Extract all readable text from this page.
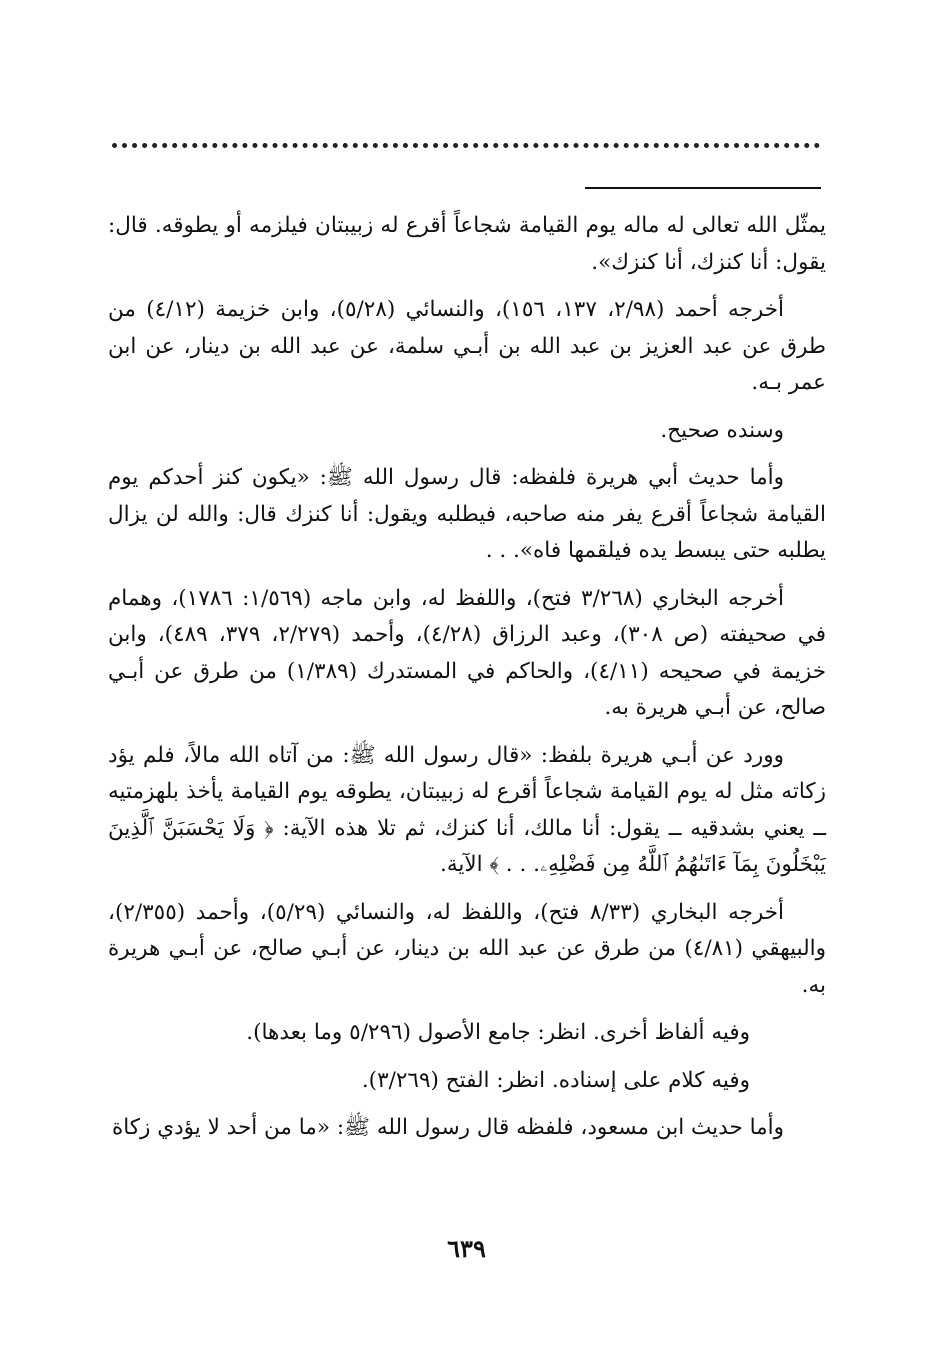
يمثّل الله تعالى له ماله يوم القيامة شجاعاً أقرع له زبيبتان فيلزمه أو يطوقه. قال: يقول: أنا كنزك، أنا كنزك».

أخرجه أحمد (٢/٩٨، ١٣٧، ١٥٦)، والنسائي (٥/٢٨)، وابن خزيمة (٤/١٢) من طرق عن عبد العزيز بن عبد الله بن أبـي سلمة، عن عبد الله بن دينار، عن ابن عمر بـه.

وسنده صحيح.

وأما حديث أبي هريرة فلفظه: قال رسول الله ﷺ: «يكون كنز أحدكم يوم القيامة شجاعاً أقرع يفر منه صاحبه، فيطلبه ويقول: أنا كنزك قال: والله لن يزال يطلبه حتى يبسط يده فيلقمها فاه». . .

أخرجه البخاري (٣/٢٦٨ فتح)، واللفظ له، وابن ماجه (١/٥٦٩: ١٧٨٦)، وهمام في صحيفته (ص ٣٠٨)، وعبد الرزاق (٤/٢٨)، وأحمد (٢/٢٧٩، ٣٧٩، ٤٨٩)، وابن خزيمة في صحيحه (٤/١١)، والحاكم في المستدرك (١/٣٨٩) من طرق عن أبـي صالح، عن أبـي هريرة به.

وورد عن أبـي هريرة بلفظ: «قال رسول الله ﷺ: من آتاه الله مالاً، فلم يؤد زكاته مثل له يوم القيامة شجاعاً أقرع له زبيبتان، يطوقه يوم القيامة يأخذ بلهزمتيه ــ يعني بشدقيه ــ يقول: أنا مالك، أنا كنزك، ثم تلا هذه الآية: ﴿ وَلَا يَحْسَبَنَّ ٱلَّذِينَ يَبْخَلُونَ بِمَآ ءَاتَىٰهُمُ ٱللَّهُ مِن فَضْلِهِۦ. . . ﴾ الآية.

أخرجه البخاري (٨/٣٣ فتح)، واللفظ له، والنسائي (٥/٢٩)، وأحمد (٢/٣٥٥)، والبيهقي (٤/٨١) من طرق عن عبد الله بن دينار، عن أبـي صالح، عن أبـي هريرة به.

وفيه ألفاظ أخرى. انظر: جامع الأصول (٥/٢٩٦ وما بعدها).

وفيه كلام على إسناده. انظر: الفتح (٣/٢٦٩).

وأما حديث ابن مسعود، فلفظه قال رسول الله ﷺ: «ما من أحد لا يؤدي زكاة

٦٣٩
